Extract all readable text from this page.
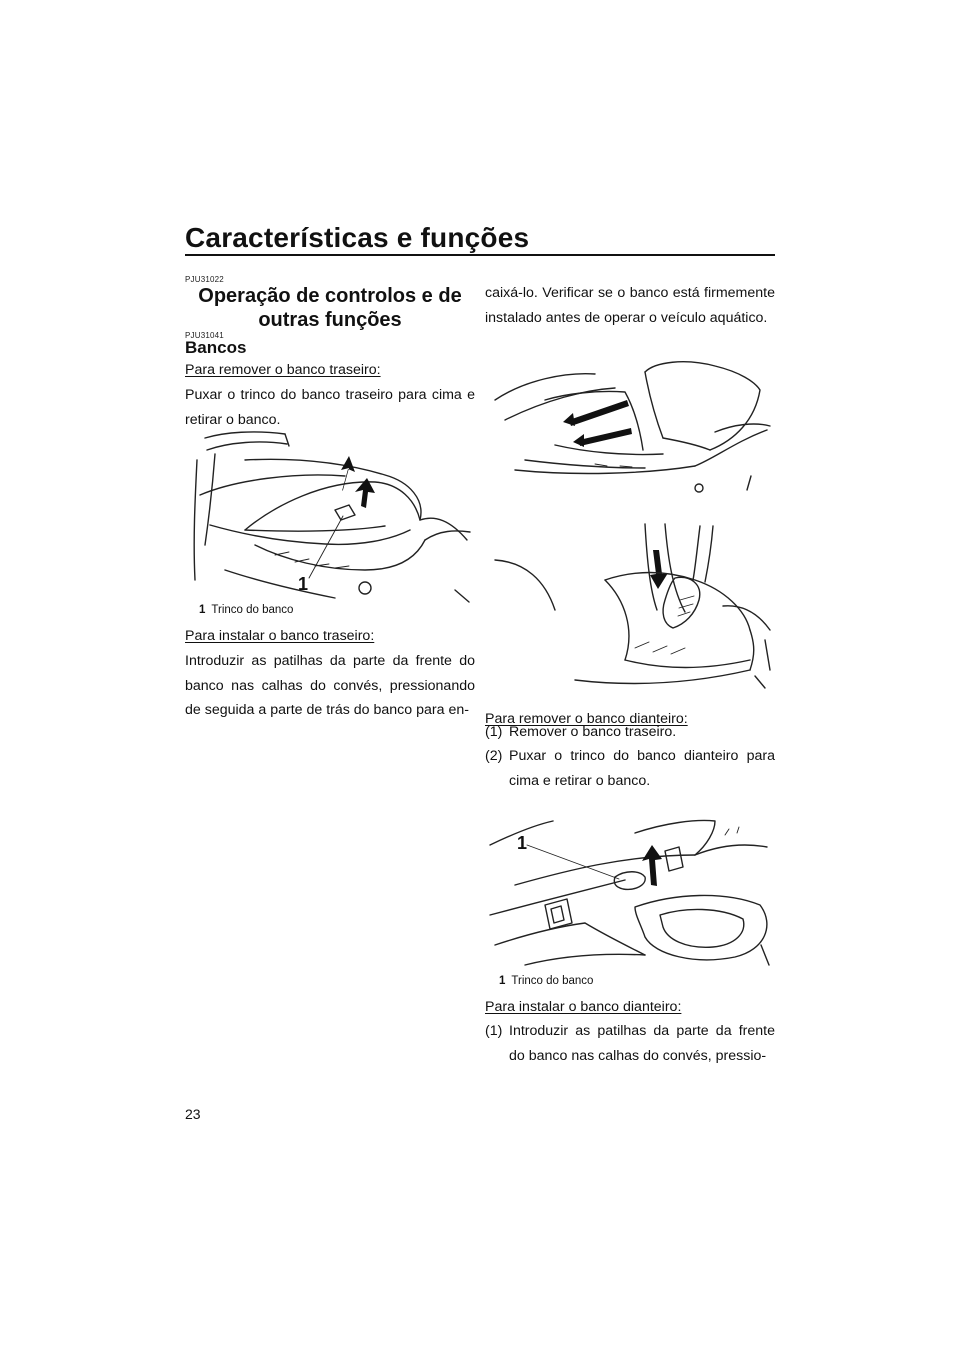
Características e funções
PJU31022
Operação de controlos e de
outras funções
PJU31041
Bancos
Para remover o banco traseiro:
Puxar o trinco do banco traseiro para cima e retirar o banco.
1
1 Trinco do banco
Para instalar o banco traseiro:
Introduzir as patilhas da parte da frente do banco nas calhas do convés, pressionando de seguida a parte de trás do banco para en-
caixá-lo. Verificar se o banco está firmemente instalado antes de operar o veículo aquático.
Para remover o banco dianteiro:
(1) Remover o banco traseiro.
(2) Puxar o trinco do banco dianteiro para cima e retirar o banco.
1
1 Trinco do banco
Para instalar o banco dianteiro:
(1) Introduzir as patilhas da parte da frente do banco nas calhas do convés, pressio-
23
